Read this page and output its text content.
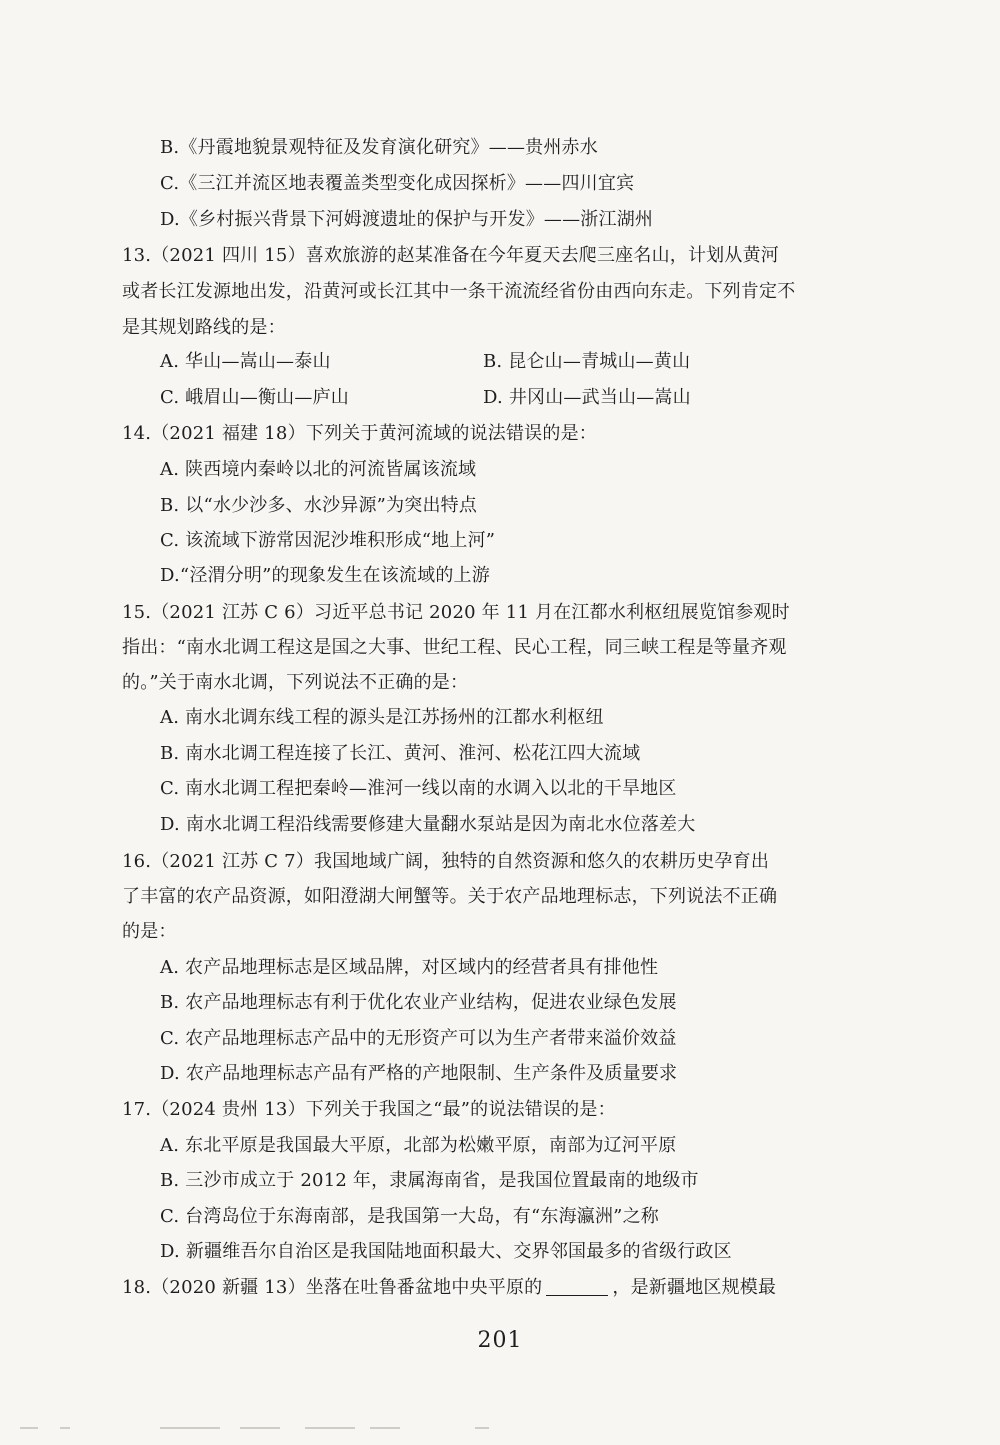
B.《丹霞地貌景观特征及发育演化研究》——贵州赤水
C.《三江并流区地表覆盖类型变化成因探析》——四川宜宾
D.《乡村振兴背景下河姆渡遗址的保护与开发》——浙江湖州
13.（2021 四川 15）喜欢旅游的赵某准备在今年夏天去爬三座名山，计划从黄河
或者长江发源地出发，沿黄河或长江其中一条干流流经省份由西向东走。下列肯定不
是其规划路线的是：
A. 华山—嵩山—泰山	B. 昆仑山—青城山—黄山
C. 峨眉山—衡山—庐山	D. 井冈山—武当山—嵩山
14.（2021 福建 18）下列关于黄河流域的说法错误的是：
A. 陕西境内秦岭以北的河流皆属该流域
B. 以“水少沙多、水沙异源”为突出特点
C. 该流域下游常因泥沙堆积形成“地上河”
D.“泾渭分明”的现象发生在该流域的上游
15.（2021 江苏 C 6）习近平总书记 2020 年 11 月在江都水利枢纽展览馆参观时
指出：“南水北调工程这是国之大事、世纪工程、民心工程，同三峡工程是等量齐观
的。”关于南水北调，下列说法不正确的是：
A. 南水北调东线工程的源头是江苏扬州的江都水利枢纽
B. 南水北调工程连接了长江、黄河、淮河、松花江四大流域
C. 南水北调工程把秦岭—淮河一线以南的水调入以北的干旱地区
D. 南水北调工程沿线需要修建大量翻水泵站是因为南北水位落差大
16.（2021 江苏 C 7）我国地域广阔，独特的自然资源和悠久的农耕历史孕育出
了丰富的农产品资源，如阳澄湖大闸蟹等。关于农产品地理标志，下列说法不正确
的是：
A. 农产品地理标志是区域品牌，对区域内的经营者具有排他性
B. 农产品地理标志有利于优化农业产业结构，促进农业绿色发展
C. 农产品地理标志产品中的无形资产可以为生产者带来溢价效益
D. 农产品地理标志产品有严格的产地限制、生产条件及质量要求
17.（2024 贵州 13）下列关于我国之“最”的说法错误的是：
A. 东北平原是我国最大平原，北部为松嫩平原，南部为辽河平原
B. 三沙市成立于 2012 年，隶属海南省，是我国位置最南的地级市
C. 台湾岛位于东海南部，是我国第一大岛，有“东海瀛洲”之称
D. 新疆维吾尔自治区是我国陆地面积最大、交界邻国最多的省级行政区
18.（2020 新疆 13）坐落在吐鲁番盆地中央平原的	，是新疆地区规模最
201
